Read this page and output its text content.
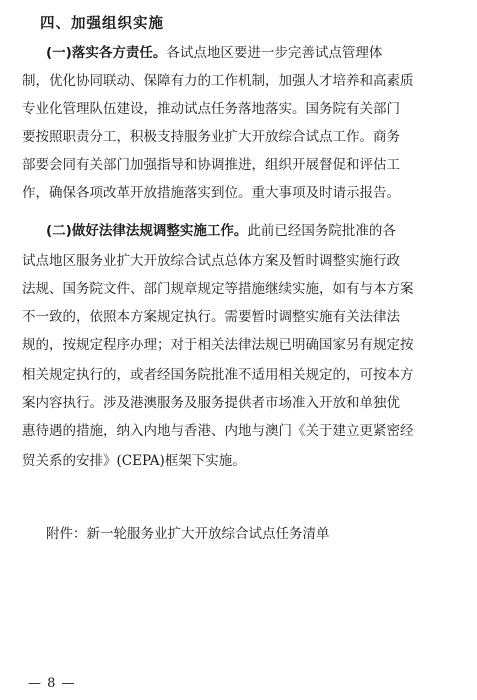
四、加强组织实施
(一)落实各方责任。各试点地区要进一步完善试点管理体
制，优化协同联动、保障有力的工作机制，加强人才培养和高素质
专业化管理队伍建设，推动试点任务落地落实。国务院有关部门
要按照职责分工，积极支持服务业扩大开放综合试点工作。商务
部要会同有关部门加强指导和协调推进，组织开展督促和评估工
作，确保各项改革开放措施落实到位。重大事项及时请示报告。
(二)做好法律法规调整实施工作。此前已经国务院批准的各
试点地区服务业扩大开放综合试点总体方案及暂时调整实施行政
法规、国务院文件、部门规章规定等措施继续实施，如有与本方案
不一致的，依照本方案规定执行。需要暂时调整实施有关法律法
规的，按规定程序办理；对于相关法律法规已明确国家另有规定按
相关规定执行的，或者经国务院批准不适用相关规定的，可按本方
案内容执行。涉及港澳服务及服务提供者市场准入开放和单独优
惠待遇的措施，纳入内地与香港、内地与澳门《关于建立更紧密经
贸关系的安排》(CEPA)框架下实施。
附件：新一轮服务业扩大开放综合试点任务清单
— 8 —
